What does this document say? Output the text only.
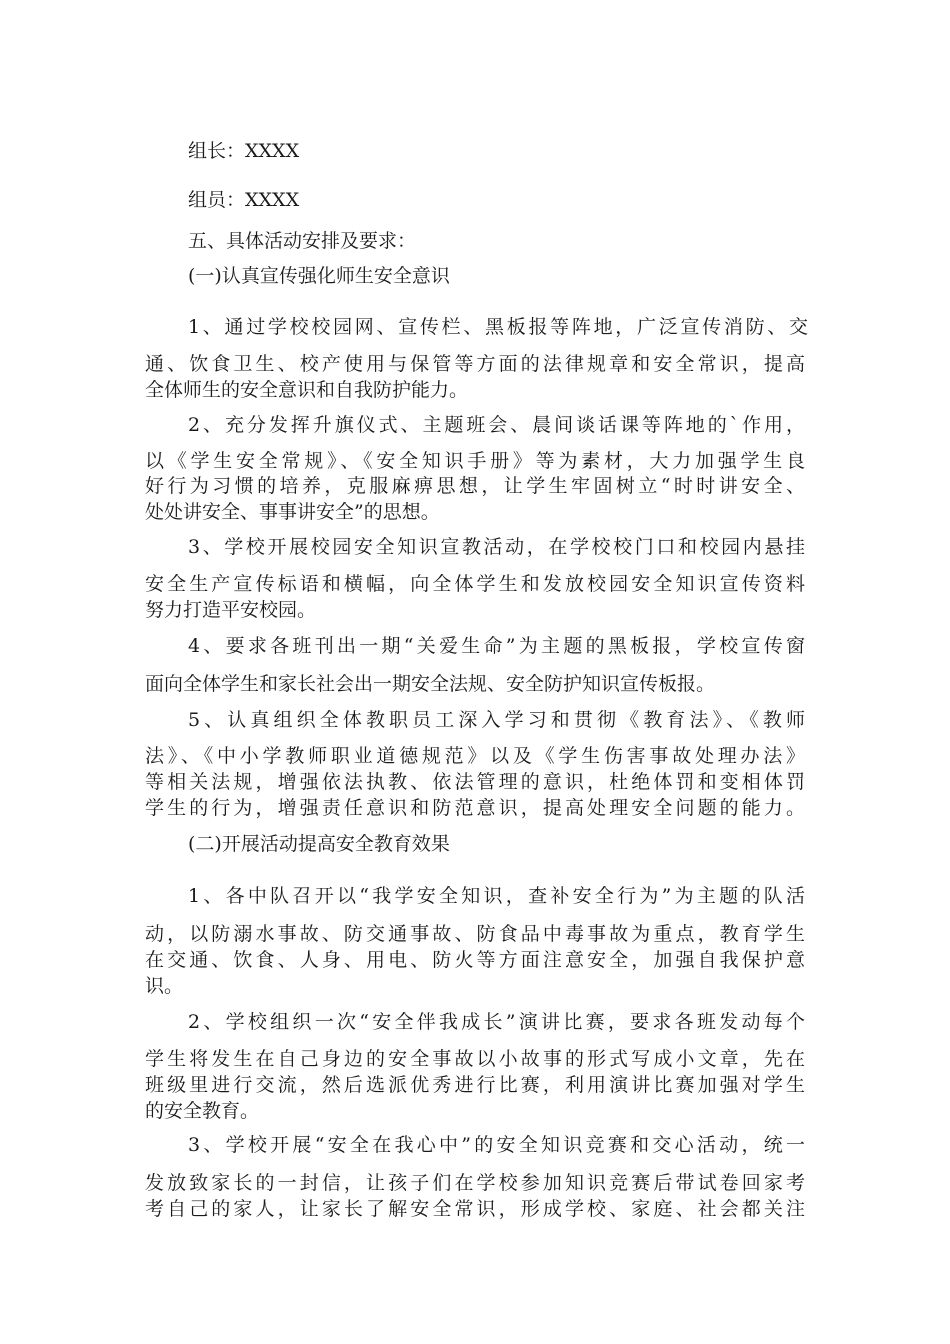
组长：XXXX
组员：XXXX
五、具体活动安排及要求：
(一)认真宣传强化师生安全意识
1、通过学校校园网、宣传栏、黑板报等阵地，广泛宣传消防、交
通、饮食卫生、校产使用与保管等方面的法律规章和安全常识，提高
全体师生的安全意识和自我防护能力。
2、充分发挥升旗仪式、主题班会、晨间谈话课等阵地的`作用，
以《学生安全常规》、《安全知识手册》等为素材，大力加强学生良
好行为习惯的培养，克服麻痹思想，让学生牢固树立“时时讲安全、
处处讲安全、事事讲安全”的思想。
3、学校开展校园安全知识宣教活动，在学校校门口和校园内悬挂
安全生产宣传标语和横幅，向全体学生和发放校园安全知识宣传资料
努力打造平安校园。
4、要求各班刊出一期“关爱生命”为主题的黑板报，学校宣传窗
面向全体学生和家长社会出一期安全法规、安全防护知识宣传板报。
5、认真组织全体教职员工深入学习和贯彻《教育法》、《教师
法》、《中小学教师职业道德规范》以及《学生伤害事故处理办法》
等相关法规，增强依法执教、依法管理的意识，杜绝体罚和变相体罚
学生的行为，增强责任意识和防范意识，提高处理安全问题的能力。
(二)开展活动提高安全教育效果
1、各中队召开以“我学安全知识，查补安全行为”为主题的队活
动，以防溺水事故、防交通事故、防食品中毒事故为重点，教育学生
在交通、饮食、人身、用电、防火等方面注意安全，加强自我保护意
识。
2、学校组织一次“安全伴我成长”演讲比赛，要求各班发动每个
学生将发生在自己身边的安全事故以小故事的形式写成小文章，先在
班级里进行交流，然后选派优秀进行比赛，利用演讲比赛加强对学生
的安全教育。
3、学校开展“安全在我心中”的安全知识竞赛和交心活动，统一
发放致家长的一封信，让孩子们在学校参加知识竞赛后带试卷回家考
考自己的家人，让家长了解安全常识，形成学校、家庭、社会都关注
